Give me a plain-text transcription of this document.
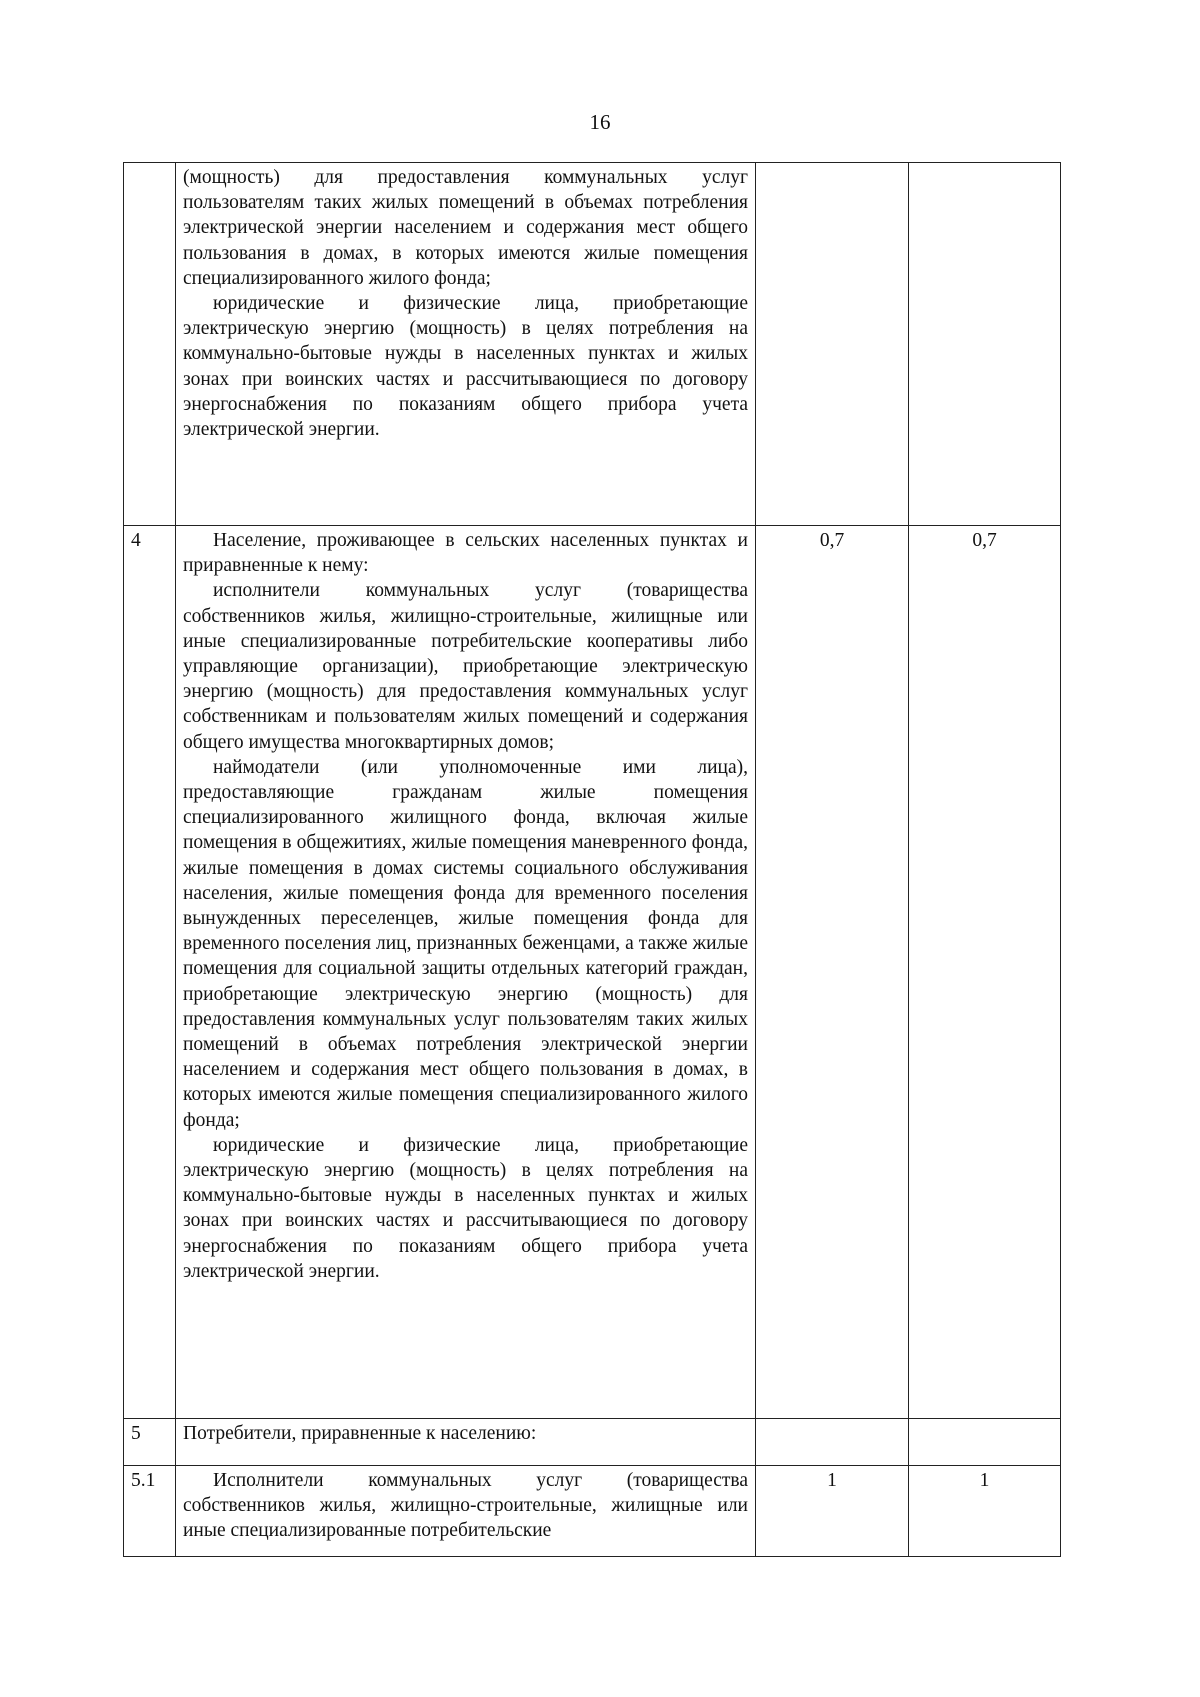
16

	(мощность) для предоставления коммунальных услуг пользователям таких жилых помещений в объемах потребления электрической энергии населением и содержания мест общего пользования в домах, в которых имеются жилые помещения специализированного жилого фонда;
юридические и физические лица, приобретающие электрическую энергию (мощность) в целях потребления на коммунально-бытовые нужды в населенных пунктах и жилых зонах при воинских частях и рассчитывающиеся по договору энергоснабжения по показаниям общего прибора учета электрической энергии.		

4	Население, проживающее в сельских населенных пунктах и приравненные к нему:
исполнители коммунальных услуг (товарищества собственников жилья, жилищно-строительные, жилищные или иные специализированные потребительские кооперативы либо управляющие организации), приобретающие электрическую энергию (мощность) для предоставления коммунальных услуг собственникам и пользователям жилых помещений и содержания общего имущества многоквартирных домов;
наймодатели (или уполномоченные ими лица), предоставляющие гражданам жилые помещения специализированного жилищного фонда, включая жилые помещения в общежитиях, жилые помещения маневренного фонда, жилые помещения в домах системы социального обслуживания населения, жилые помещения фонда для временного поселения вынужденных переселенцев, жилые помещения фонда для временного поселения лиц, признанных беженцами, а также жилые помещения для социальной защиты отдельных категорий граждан, приобретающие электрическую энергию (мощность) для предоставления коммунальных услуг пользователям таких жилых помещений в объемах потребления электрической энергии населением и содержания мест общего пользования в домах, в которых имеются жилые помещения специализированного жилого фонда;
юридические и физические лица, приобретающие электрическую энергию (мощность) в целях потребления на коммунально-бытовые нужды в населенных пунктах и жилых зонах при воинских частях и рассчитывающиеся по договору энергоснабжения по показаниям общего прибора учета электрической энергии.	0,7	0,7
5	Потребители, приравненные к населению:		

5.1	Исполнители коммунальных услуг (товарищества собственников жилья, жилищно-строительные, жилищные или иные специализированные потребительские	1	1
